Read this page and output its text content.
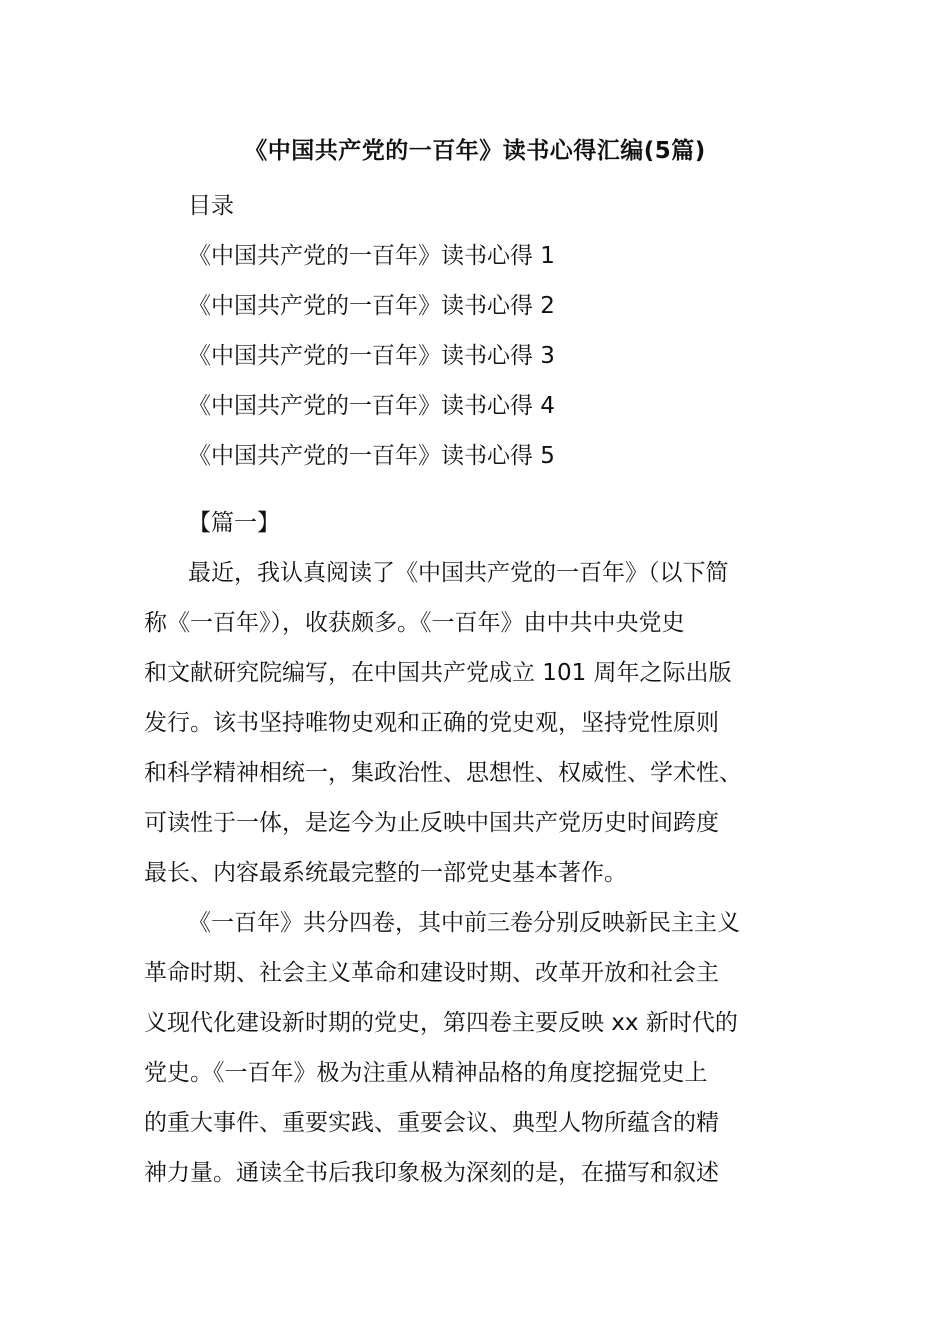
《中国共产党的一百年》读书心得汇编(5篇)
目录
《中国共产党的一百年》读书心得 1
《中国共产党的一百年》读书心得 2
《中国共产党的一百年》读书心得 3
《中国共产党的一百年》读书心得 4
《中国共产党的一百年》读书心得 5
【篇一】
最近，我认真阅读了《中国共产党的一百年》（以下简
称《一百年》），收获颇多。《一百年》由中共中央党史
和文献研究院编写，在中国共产党成立 101 周年之际出版
发行。该书坚持唯物史观和正确的党史观，坚持党性原则
和科学精神相统一，集政治性、思想性、权威性、学术性、
可读性于一体，是迄今为止反映中国共产党历史时间跨度
最长、内容最系统最完整的一部党史基本著作。
《一百年》共分四卷，其中前三卷分别反映新民主主义
革命时期、社会主义革命和建设时期、改革开放和社会主
义现代化建设新时期的党史，第四卷主要反映 xx 新时代的
党史。《一百年》极为注重从精神品格的角度挖掘党史上
的重大事件、重要实践、重要会议、典型人物所蕴含的精
神力量。通读全书后我印象极为深刻的是，在描写和叙述
